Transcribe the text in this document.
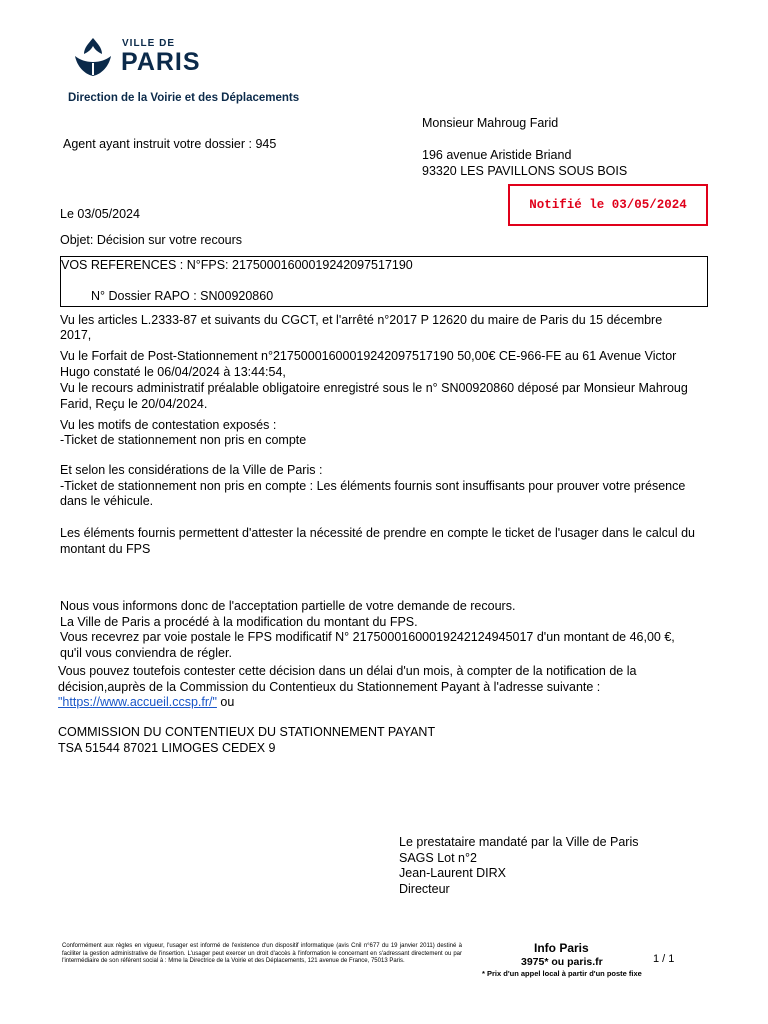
VILLE DE
PARIS
Direction de la Voirie et des Déplacements
Monsieur Mahroug Farid
196 avenue Aristide Briand
93320 LES PAVILLONS SOUS BOIS
Agent ayant instruit votre dossier : 945
Notifié le 03/05/2024
Le 03/05/2024
Objet: Décision sur votre recours
VOS REFERENCES : N°FPS: 21750001600019242097517190
N° Dossier RAPO : SN00920860
Vu les articles L.2333-87 et suivants du CGCT, et l'arrêté n°2017 P 12620 du maire de Paris du 15 décembre
2017,
Vu le Forfait de Post-Stationnement n°21750001600019242097517190 50,00€ CE-966-FE au 61 Avenue Victor
Hugo constaté le 06/04/2024 à 13:44:54,
Vu le recours administratif préalable obligatoire enregistré sous le n° SN00920860 déposé par Monsieur Mahroug
Farid, Reçu le 20/04/2024.
Vu les motifs de contestation exposés :
-Ticket de stationnement non pris en compte
Et selon les considérations de la Ville de Paris :
-Ticket de stationnement non pris en compte : Les éléments fournis sont insuffisants pour prouver votre présence
dans le véhicule.
Les éléments fournis permettent d'attester la nécessité de prendre en compte le ticket de l'usager dans le calcul du
montant du FPS
Nous vous informons donc de l'acceptation partielle de votre demande de recours.
La Ville de Paris a procédé à la modification du montant du FPS.
Vous recevrez par voie postale le FPS modificatif N° 21750001600019242124945017 d'un montant de 46,00 €,
qu'il vous conviendra de régler.
Vous pouvez toutefois contester cette décision dans un délai d'un mois, à compter de la notification de la
décision,auprès de la Commission du Contentieux du Stationnement Payant à l'adresse suivante :
"https://www.accueil.ccsp.fr/" ou
COMMISSION DU CONTENTIEUX DU STATIONNEMENT PAYANT
TSA 51544 87021 LIMOGES CEDEX 9
Le prestataire mandaté par la Ville de Paris
SAGS Lot n°2
Jean-Laurent DIRX
Directeur
Conformément aux règles en vigueur, l'usager est informé de l'existence d'un dispositif informatique (avis Cnil n°677 du 19 janvier 2011) destiné à faciliter la gestion administrative de l'insertion. L'usager peut exercer un droit d'accès à l'information le concernant en s'adressant directement ou par l'intermédiaire de son référent social à : Mme la Directrice de la Voirie et des Déplacements, 121 avenue de France, 75013 Paris.
Info Paris
3975* ou paris.fr
* Prix d'un appel local à partir d'un poste fixe
1 / 1
